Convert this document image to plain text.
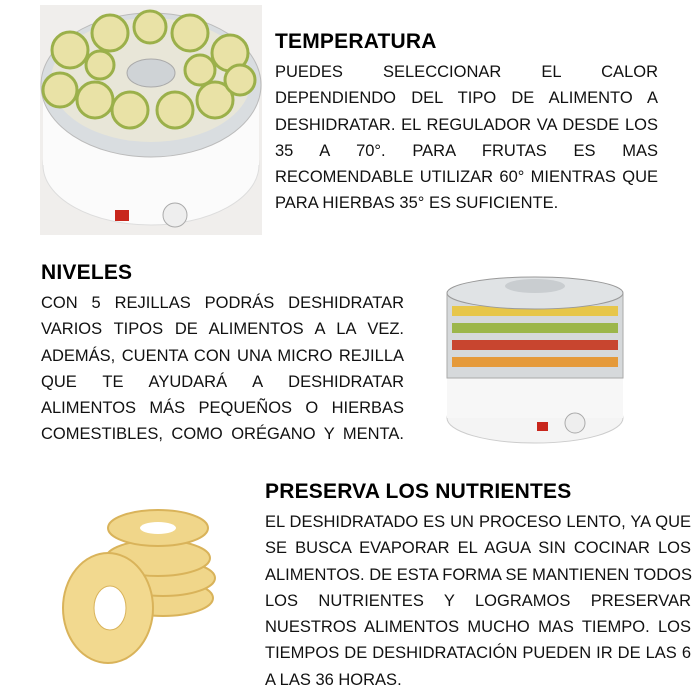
TEMPERATURA
PUEDES SELECCIONAR EL CALOR
DEPENDIENDO DEL TIPO DE ALIMENTO A
DESHIDRATAR. EL REGULADOR VA DESDE LOS
35 A 70°. PARA FRUTAS ES MAS
RECOMENDABLE UTILIZAR 60° MIENTRAS QUE
PARA HIERBAS 35° ES SUFICIENTE.
NIVELES
CON 5 REJILLAS PODRÁS DESHIDRATAR
VARIOS TIPOS DE ALIMENTOS A LA VEZ.
ADEMÁS, CUENTA CON UNA MICRO REJILLA
QUE TE AYUDARÁ A DESHIDRATAR
ALIMENTOS MÁS PEQUEÑOS O HIERBAS
COMESTIBLES, COMO ORÉGANO Y MENTA.
PRESERVA LOS NUTRIENTES
EL DESHIDRATADO ES UN PROCESO LENTO, YA QUE
SE BUSCA EVAPORAR EL AGUA SIN COCINAR LOS
ALIMENTOS. DE ESTA FORMA SE MANTIENEN TODOS
LOS NUTRIENTES Y LOGRAMOS PRESERVAR
NUESTROS ALIMENTOS MUCHO MAS TIEMPO. LOS
TIEMPOS DE DESHIDRATACIÓN PUEDEN IR DE LAS 6
A LAS 36 HORAS.
